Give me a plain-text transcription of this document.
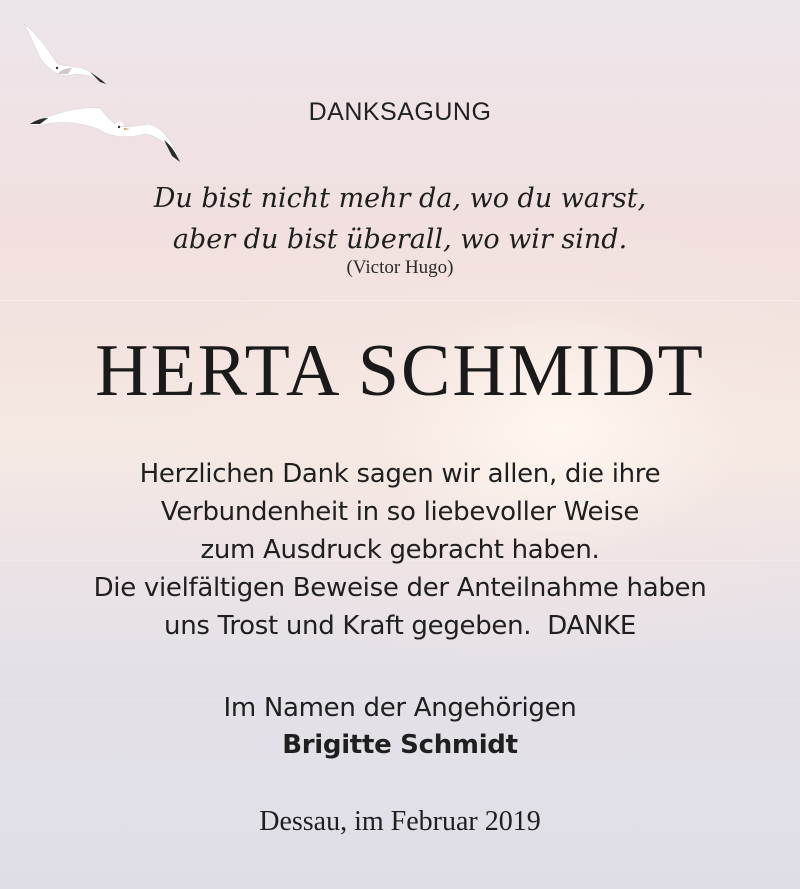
DANKSAGUNG
Du bist nicht mehr da, wo du warst,
aber du bist überall, wo wir sind.
(Victor Hugo)
HERTA SCHMIDT
Herzlichen Dank sagen wir allen, die ihre
Verbundenheit in so liebevoller Weise
zum Ausdruck gebracht haben.
Die vielfältigen Beweise der Anteilnahme haben
uns Trost und Kraft gegeben.  DANKE
Im Namen der Angehörigen
Brigitte Schmidt
Dessau, im Februar 2019
